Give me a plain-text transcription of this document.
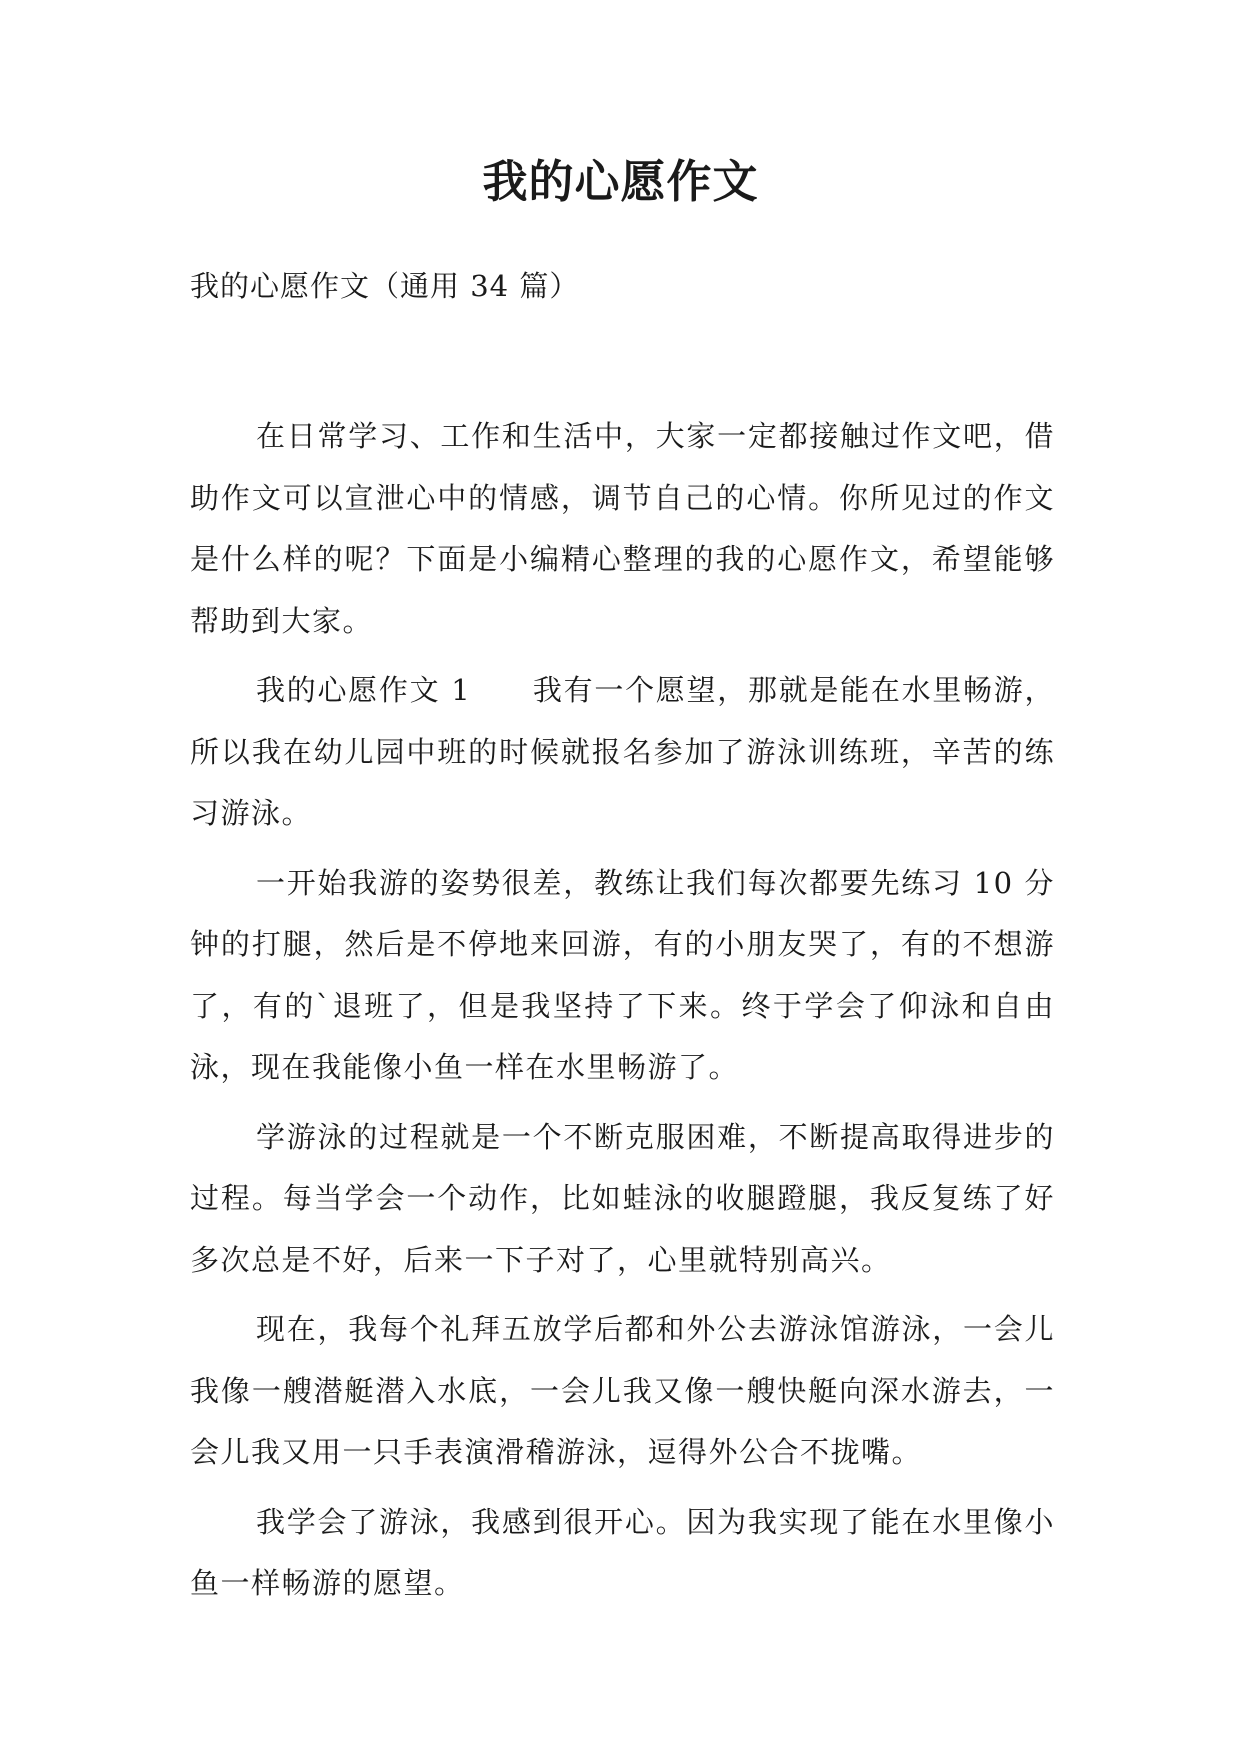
我的心愿作文

我的心愿作文（通用 34 篇）

在日常学习、工作和生活中，大家一定都接触过作文吧，借助作文可以宣泄心中的情感，调节自己的心情。你所见过的作文是什么样的呢？下面是小编精心整理的我的心愿作文，希望能够帮助到大家。

我的心愿作文 1　　我有一个愿望，那就是能在水里畅游，所以我在幼儿园中班的时候就报名参加了游泳训练班，辛苦的练习游泳。

一开始我游的姿势很差，教练让我们每次都要先练习 10 分钟的打腿，然后是不停地来回游，有的小朋友哭了，有的不想游了，有的`退班了，但是我坚持了下来。终于学会了仰泳和自由泳，现在我能像小鱼一样在水里畅游了。

学游泳的过程就是一个不断克服困难，不断提高取得进步的过程。每当学会一个动作，比如蛙泳的收腿蹬腿，我反复练了好多次总是不好，后来一下子对了，心里就特别高兴。

现在，我每个礼拜五放学后都和外公去游泳馆游泳，一会儿我像一艘潜艇潜入水底，一会儿我又像一艘快艇向深水游去，一会儿我又用一只手表演滑稽游泳，逗得外公合不拢嘴。

我学会了游泳，我感到很开心。因为我实现了能在水里像小鱼一样畅游的愿望。
